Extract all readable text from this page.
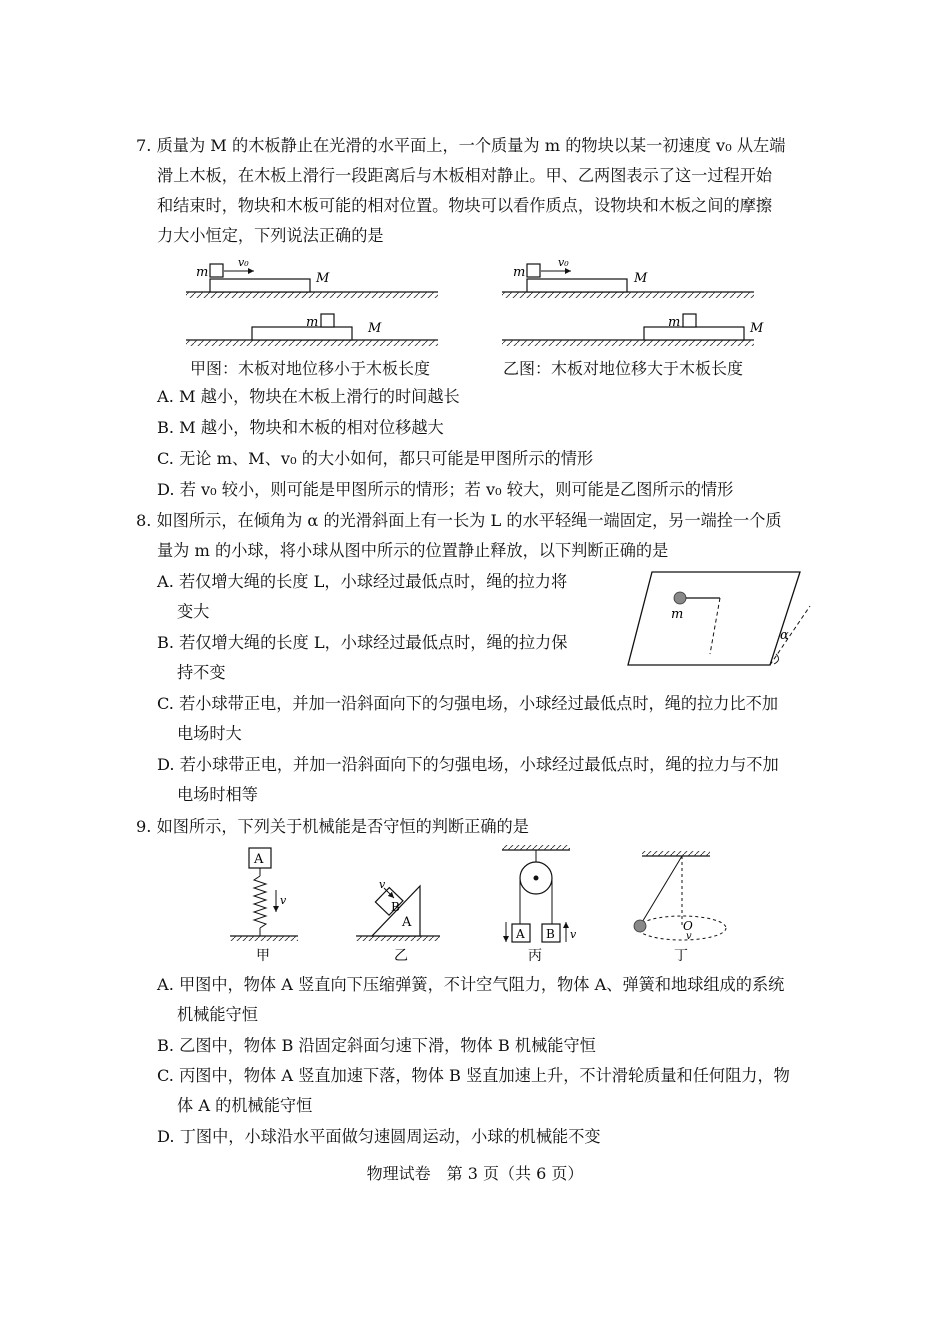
7. 质量为 M 的木板静止在光滑的水平面上，一个质量为 m 的物块以某一初速度 v₀ 从左端
滑上木板，在木板上滑行一段距离后与木板相对静止。甲、乙两图表示了这一过程开始
和结束时，物块和木板可能的相对位置。物块可以看作质点，设物块和木板之间的摩擦
力大小恒定，下列说法正确的是
m
v₀
M
m	M
m
v₀
M
m	M
甲图：木板对地位移小于木板长度	乙图：木板对地位移大于木板长度
A. M 越小，物块在木板上滑行的时间越长
B. M 越小，物块和木板的相对位移越大
C. 无论 m、M、v₀ 的大小如何，都只可能是甲图所示的情形
D. 若 v₀ 较小，则可能是甲图所示的情形；若 v₀ 较大，则可能是乙图所示的情形
8. 如图所示，在倾角为 α 的光滑斜面上有一长为 L 的水平轻绳一端固定，另一端拴一个质
量为 m 的小球，将小球从图中所示的位置静止释放，以下判断正确的是
A. 若仅增大绳的长度 L，小球经过最低点时，绳的拉力将
变大
B. 若仅增大绳的长度 L，小球经过最低点时，绳的拉力保
持不变
C. 若小球带正电，并加一沿斜面向下的匀强电场，小球经过最低点时，绳的拉力比不加
电场时大
D. 若小球带正电，并加一沿斜面向下的匀强电场，小球经过最低点时，绳的拉力与不加
电场时相等
m
α
9. 如图所示，下列关于机械能是否守恒的判断正确的是
A
v
甲
A
B
v
乙
A B v
丙
O
v
丁
A. 甲图中，物体 A 竖直向下压缩弹簧，不计空气阻力，物体 A、弹簧和地球组成的系统
机械能守恒
B. 乙图中，物体 B 沿固定斜面匀速下滑，物体 B 机械能守恒
C. 丙图中，物体 A 竖直加速下落，物体 B 竖直加速上升，不计滑轮质量和任何阻力，物
体 A 的机械能守恒
D. 丁图中，小球沿水平面做匀速圆周运动，小球的机械能不变
物理试卷　第 3 页（共 6 页）
